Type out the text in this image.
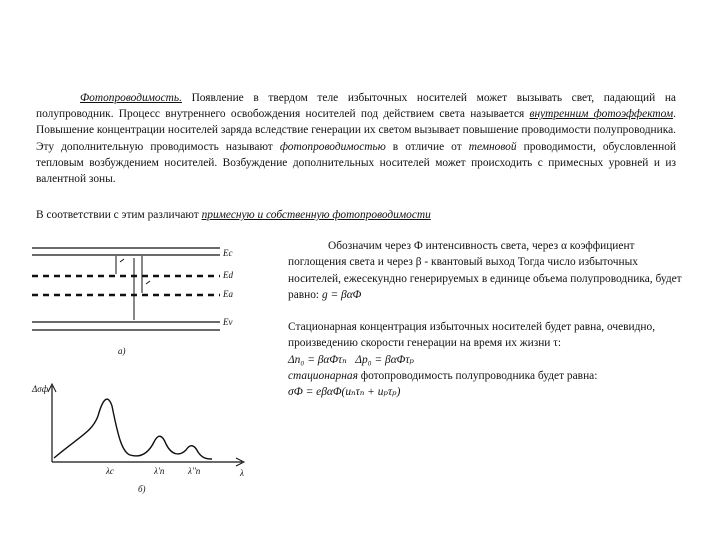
Фотопроводимость. Появление в твердом теле избыточных носителей может вызывать свет, падающий на полупроводник. Процесс внутреннего освобождения носителей под действием света называется внутренним фотоэффектом. Повышение концентрации носителей заряда вследствие генерации их светом вызывает повышение проводимости полупроводника. Эту дополнительную проводимость называют фотопроводимостью в отличие от темновой проводимости, обусловленной тепловым возбуждением носителей. Возбуждение дополнительных носителей может происходить с примесных уровней и из валентной зоны.
В соответствии с этим различают примесную и собственную фотопроводимости
Обозначим через Ф интенсивность света, через α коэффициент поглощения света и через β - квантовый выход Тогда число избыточных носителей, ежесекундно генерируемых в единице объема полупроводника, будет равно: g = βαΦ
Стационарная концентрация избыточных носителей будет равна, очевидно, произведению скорости генерации на время их жизни τ:
Δn₀ = βαΦτₙ Δp₀ = βαΦτₚ
стационарная фотопроводимость полупроводника будет равна:
σФ = eβαΦ(uₙτₙ + uₚτₚ)
Ec
Ed
Ea
Ev
а)
Δσф
λ
λс	λ'п	λ''п
б)
